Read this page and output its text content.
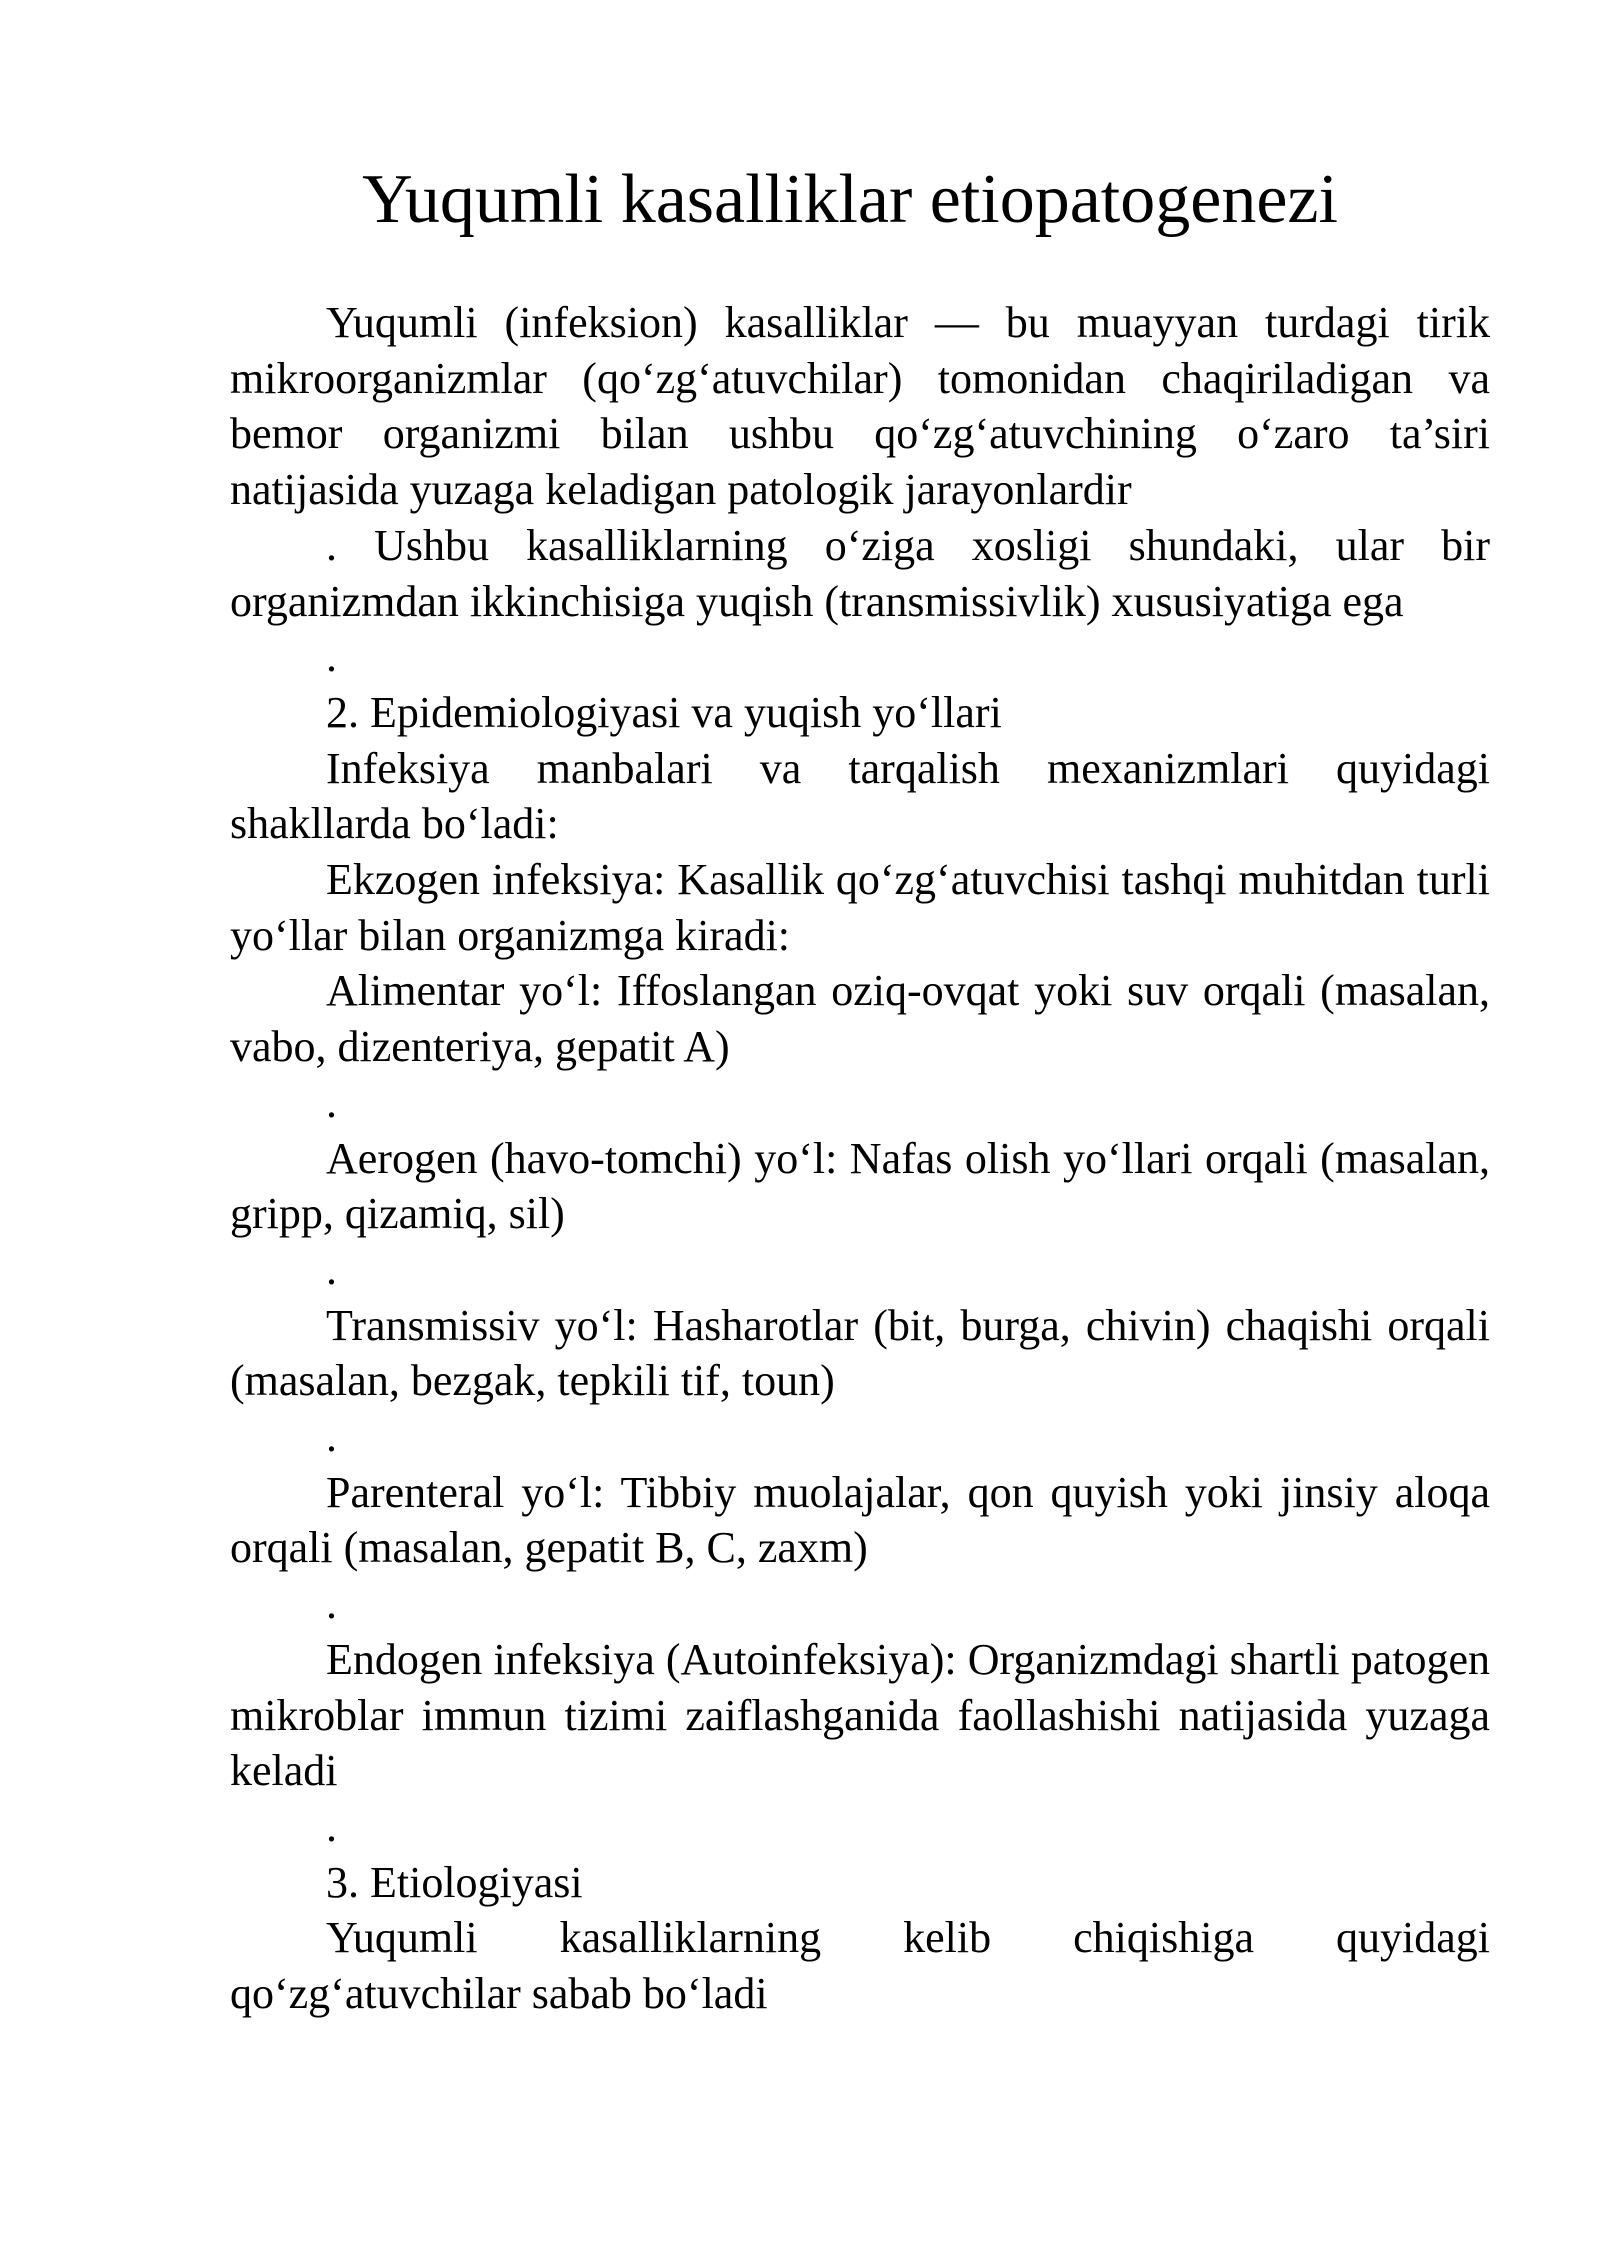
Yuqumli kasalliklar etiopatogenezi

Yuqumli (infeksion) kasalliklar — bu muayyan turdagi tirik mikroorganizmlar (qo‘zg‘atuvchilar) tomonidan chaqiriladigan va bemor organizmi bilan ushbu qo‘zg‘atuvchining o‘zaro ta’siri natijasida yuzaga keladigan patologik jarayonlardir

. Ushbu kasalliklarning o‘ziga xosligi shundaki, ular bir organizmdan ikkinchisiga yuqish (transmissivlik) xususiyatiga ega

.

2. Epidemiologiyasi va yuqish yo‘llari

Infeksiya manbalari va tarqalish mexanizmlari quyidagi shakllarda bo‘ladi:

Ekzogen infeksiya: Kasallik qo‘zg‘atuvchisi tashqi muhitdan turli yo‘llar bilan organizmga kiradi:

Alimentar yo‘l: Iffoslangan oziq-ovqat yoki suv orqali (masalan, vabo, dizenteriya, gepatit A)

.

Aerogen (havo-tomchi) yo‘l: Nafas olish yo‘llari orqali (masalan, gripp, qizamiq, sil)

.

Transmissiv yo‘l: Hasharotlar (bit, burga, chivin) chaqishi orqali (masalan, bezgak, tepkili tif, toun)

.

Parenteral yo‘l: Tibbiy muolajalar, qon quyish yoki jinsiy aloqa orqali (masalan, gepatit B, C, zaxm)

.

Endogen infeksiya (Autoinfeksiya): Organizmdagi shartli patogen mikroblar immun tizimi zaiflashganida faollashishi natijasida yuzaga keladi

.

3. Etiologiyasi

Yuqumli kasalliklarning kelib chiqishiga quyidagi qo‘zg‘atuvchilar sabab bo‘ladi
